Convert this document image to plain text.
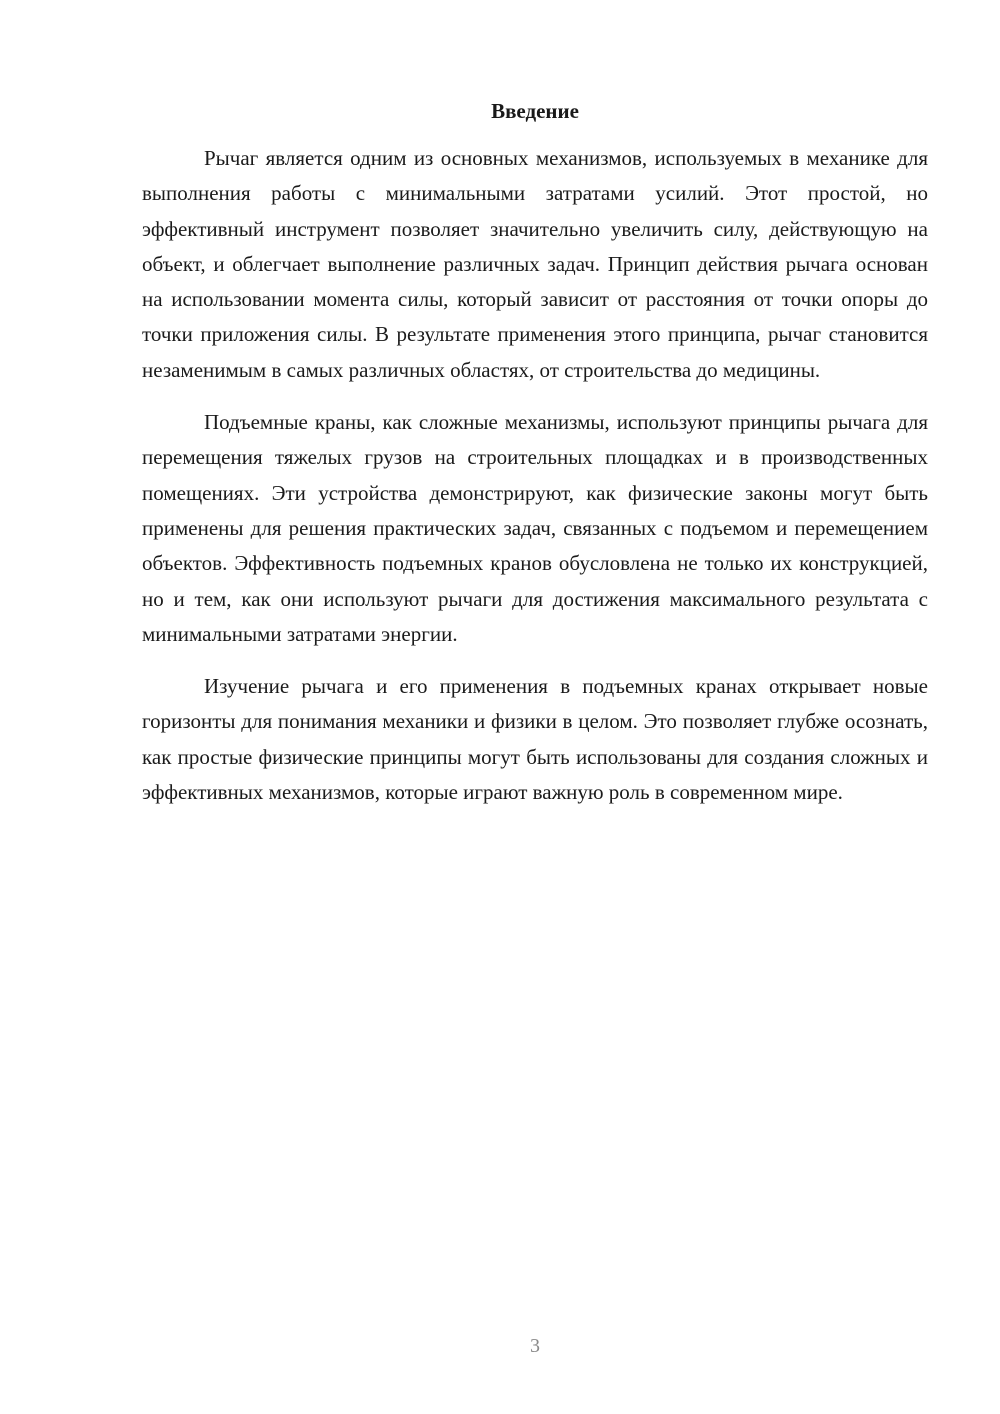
Введение

Рычаг является одним из основных механизмов, используемых в механике для выполнения работы с минимальными затратами усилий. Этот простой, но эффективный инструмент позволяет значительно увеличить силу, действующую на объект, и облегчает выполнение различных задач. Принцип действия рычага основан на использовании момента силы, который зависит от расстояния от точки опоры до точки приложения силы. В результате применения этого принципа, рычаг становится незаменимым в самых различных областях, от строительства до медицины.

Подъемные краны, как сложные механизмы, используют принципы рычага для перемещения тяжелых грузов на строительных площадках и в производственных помещениях. Эти устройства демонстрируют, как физические законы могут быть применены для решения практических задач, связанных с подъемом и перемещением объектов. Эффективность подъемных кранов обусловлена не только их конструкцией, но и тем, как они используют рычаги для достижения максимального результата с минимальными затратами энергии.

Изучение рычага и его применения в подъемных кранах открывает новые горизонты для понимания механики и физики в целом. Это позволяет глубже осознать, как простые физические принципы могут быть использованы для создания сложных и эффективных механизмов, которые играют важную роль в современном мире.

3
